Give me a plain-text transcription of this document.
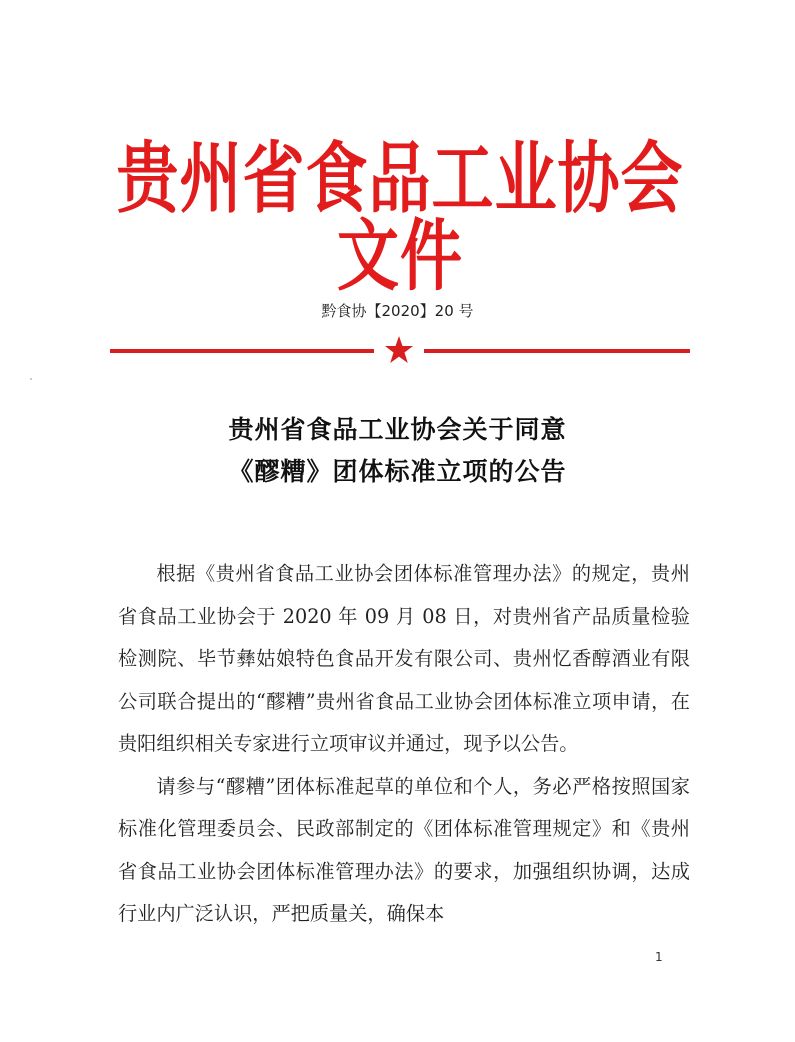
贵州省食品工业协会文件
黔食协【2020】20 号
贵州省食品工业协会关于同意
《醪糟》团体标准立项的公告

根据《贵州省食品工业协会团体标准管理办法》的规定，贵州省食品工业协会于 2020 年 09 月 08 日，对贵州省产品质量检验检测院、毕节彝姑娘特色食品开发有限公司、贵州忆香醇酒业有限公司联合提出的“醪糟”贵州省食品工业协会团体标准立项申请，在贵阳组织相关专家进行立项审议并通过，现予以公告。

请参与“醪糟”团体标准起草的单位和个人，务必严格按照国家标准化管理委员会、民政部制定的《团体标准管理规定》和《贵州省食品工业协会团体标准管理办法》的要求，加强组织协调，达成行业内广泛认识，严把质量关，确保本

1
